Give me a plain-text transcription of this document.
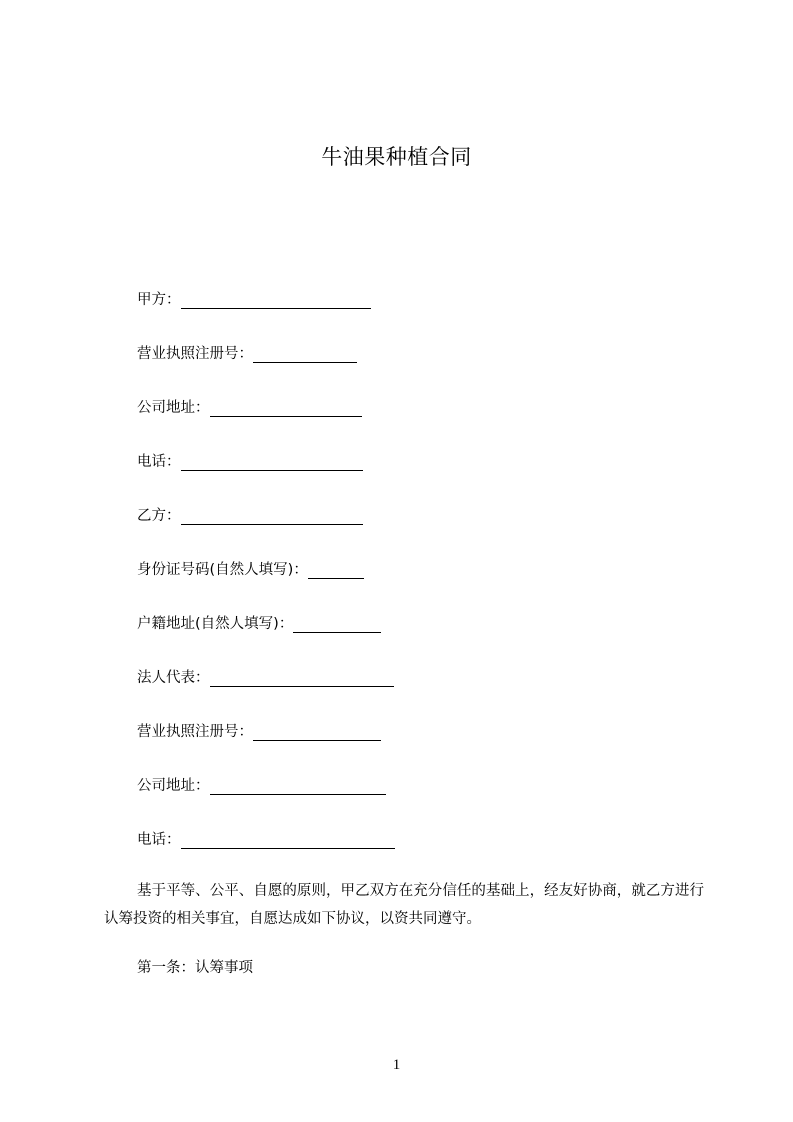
牛油果种植合同
甲方：
营业执照注册号：
公司地址：
电话：
乙方：
身份证号码(自然人填写)：
户籍地址(自然人填写)：
法人代表：
营业执照注册号：
公司地址：
电话：
基于平等、公平、自愿的原则，甲乙双方在充分信任的基础上，经友好协商，就乙方进行认筹投资的相关事宜，自愿达成如下协议，以资共同遵守。
第一条：认筹事项
1
